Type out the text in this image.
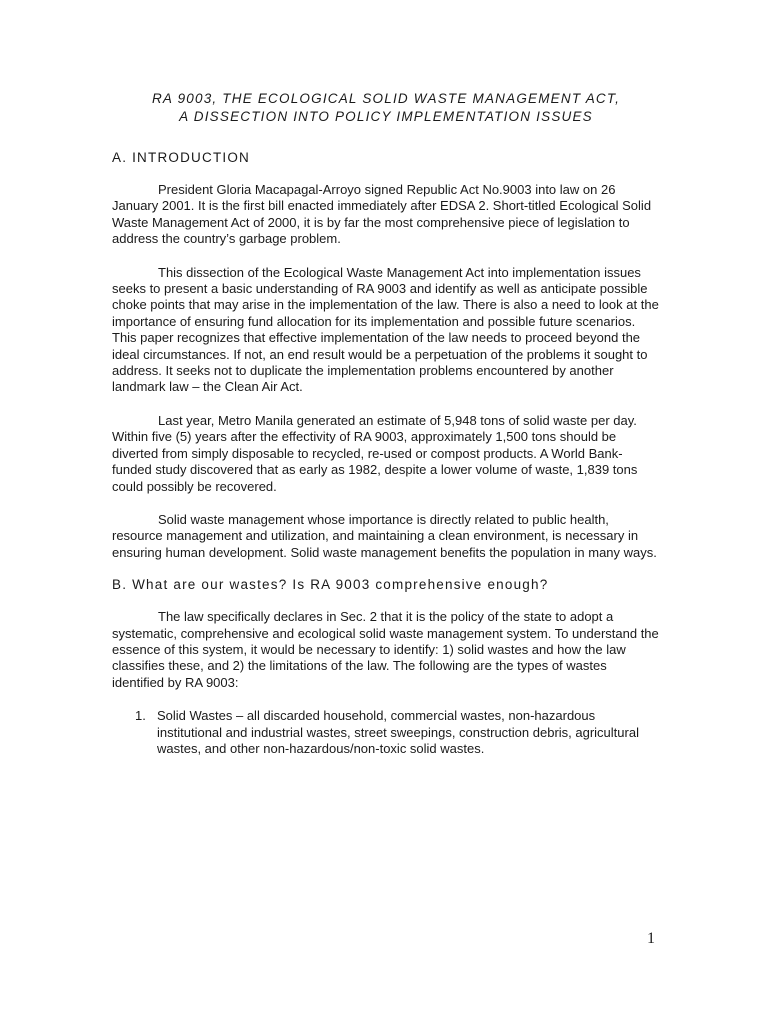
RA 9003, THE ECOLOGICAL SOLID WASTE MANAGEMENT ACT,

A DISSECTION INTO POLICY IMPLEMENTATION ISSUES

A. INTRODUCTION

President Gloria Macapagal-Arroyo signed Republic Act No.9003 into law on 26 January 2001. It is the first bill enacted immediately after EDSA 2. Short-titled Ecological Solid Waste Management Act of 2000, it is by far the most comprehensive piece of legislation to address the country’s garbage problem.

This dissection of the Ecological Waste Management Act into implementation issues seeks to present a basic understanding of RA 9003 and identify as well as anticipate possible choke points that may arise in the implementation of the law. There is also a need to look at the importance of ensuring fund allocation for its implementation and possible future scenarios. This paper recognizes that effective implementation of the law needs to proceed beyond the ideal circumstances. If not, an end result would be a perpetuation of the problems it sought to address. It seeks not to duplicate the implementation problems encountered by another landmark law – the Clean Air Act.

Last year, Metro Manila generated an estimate of 5,948 tons of solid waste per day. Within five (5) years after the effectivity of RA 9003, approximately 1,500 tons should be diverted from simply disposable to recycled, re-used or compost products. A World Bank-funded study discovered that as early as 1982, despite a lower volume of waste, 1,839 tons could possibly be recovered.

Solid waste management whose importance is directly related to public health, resource management and utilization, and maintaining a clean environment, is necessary in ensuring human development. Solid waste management benefits the population in many ways.

B. What are our wastes? Is RA 9003 comprehensive enough?

The law specifically declares in Sec. 2 that it is the policy of the state to adopt a systematic, comprehensive and ecological solid waste management system. To understand the essence of this system, it would be necessary to identify: 1) solid wastes and how the law classifies these, and 2) the limitations of the law. The following are the types of wastes identified by RA 9003:

1. Solid Wastes – all discarded household, commercial wastes, non-hazardous institutional and industrial wastes, street sweepings, construction debris, agricultural wastes, and other non-hazardous/non-toxic solid wastes.
1
